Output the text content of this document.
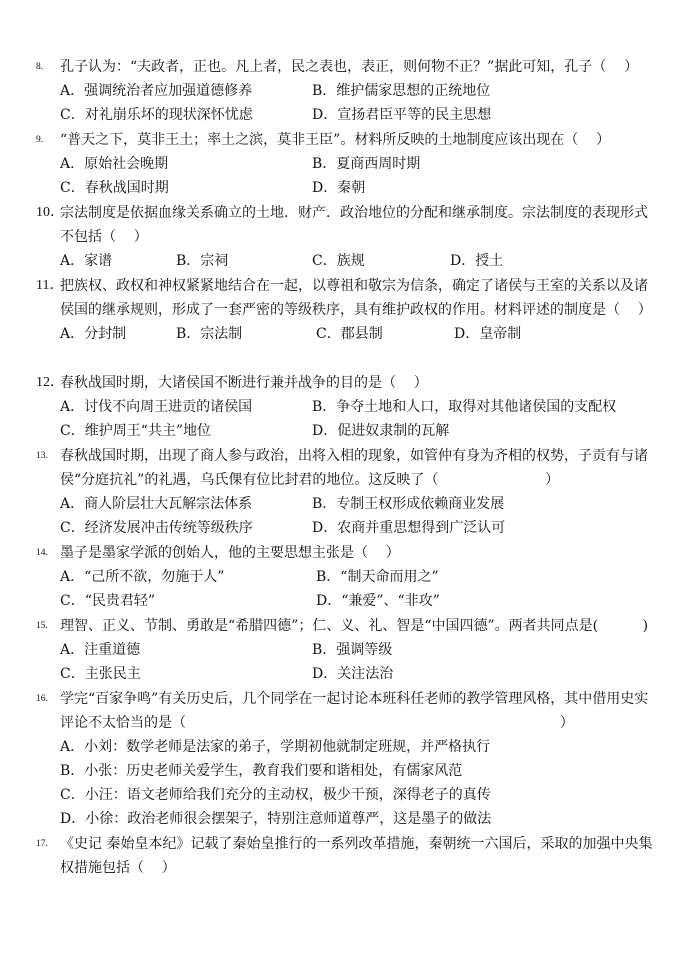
8. 孔子认为：“夫政者，正也。凡上者，民之表也，表正，则何物不正？”据此可知，孔子（    ）
A．强调统治者应加强道德修养	B．维护儒家思想的正统地位
C．对礼崩乐坏的现状深怀忧虑	D．宣扬君臣平等的民主思想
9. “普天之下，莫非王土；率土之滨，莫非王臣”。材料所反映的土地制度应该出现在（    ）
A．原始社会晚期	B．夏商西周时期
C．春秋战国时期	D．秦朝
10．
宗法制度是依据血缘关系确立的土地．财产．政治地位的分配和继承制度。宗法制度的表现形式不包括（    ）
A．家谱	B．宗祠	C．族规	D．授土
11．
把族权、政权和神权紧紧地结合在一起，以尊祖和敬宗为信条，确定了诸侯与王室的关系以及诸侯国的继承规则，形成了一套严密的等级秩序，具有维护政权的作用。材料评述的制度是（    ）
A．分封制	B．宗法制	C．郡县制	D．皇帝制
12．
春秋战国时期，大诸侯国不断进行兼并战争的目的是（    ）
A．讨伐不向周王进贡的诸侯国	B．争夺土地和人口，取得对其他诸侯国的支配权
C．维护周王“共主”地位	D．促进奴隶制的瓦解
13. 春秋战国时期，出现了商人参与政治，出将入相的现象，如管仲有身为齐相的权势，子贡有与诸侯“分庭抗礼”的礼遇，乌氏倮有位比封君的地位。这反映了（                        ）
A．商人阶层壮大瓦解宗法体系	B．专制王权形成依赖商业发展
C．经济发展冲击传统等级秩序	D．农商并重思想得到广泛认可
14. 墨子是墨家学派的创始人，他的主要思想主张是（    ）
A．“己所不欲，勿施于人”	B．“制天命而用之”
C．“民贵君轻”	D．“兼爱”、“非攻”
15. 理智、正义、节制、勇敢是“希腊四德”；仁、义、礼、智是“中国四德”。两者共同点是(          )
A．注重道德	B．强调等级
C．主张民主	D．关注法治
16. 学完“百家争鸣”有关历史后，几个同学在一起讨论本班科任老师的教学管理风格，其中借用史实评论不太恰当的是（                                                                                    ）
A．小刘：数学老师是法家的弟子，学期初他就制定班规，并严格执行
B．小张：历史老师关爱学生，教育我们要和谐相处，有儒家风范
C．小汪：语文老师给我们充分的主动权，极少干预，深得老子的真传
D．小徐：政治老师很会摆架子，特别注意师道尊严，这是墨子的做法
17. 《史记 秦始皇本纪》记载了秦始皇推行的一系列改革措施，秦朝统一六国后，采取的加强中央集权措施包括（    ）
